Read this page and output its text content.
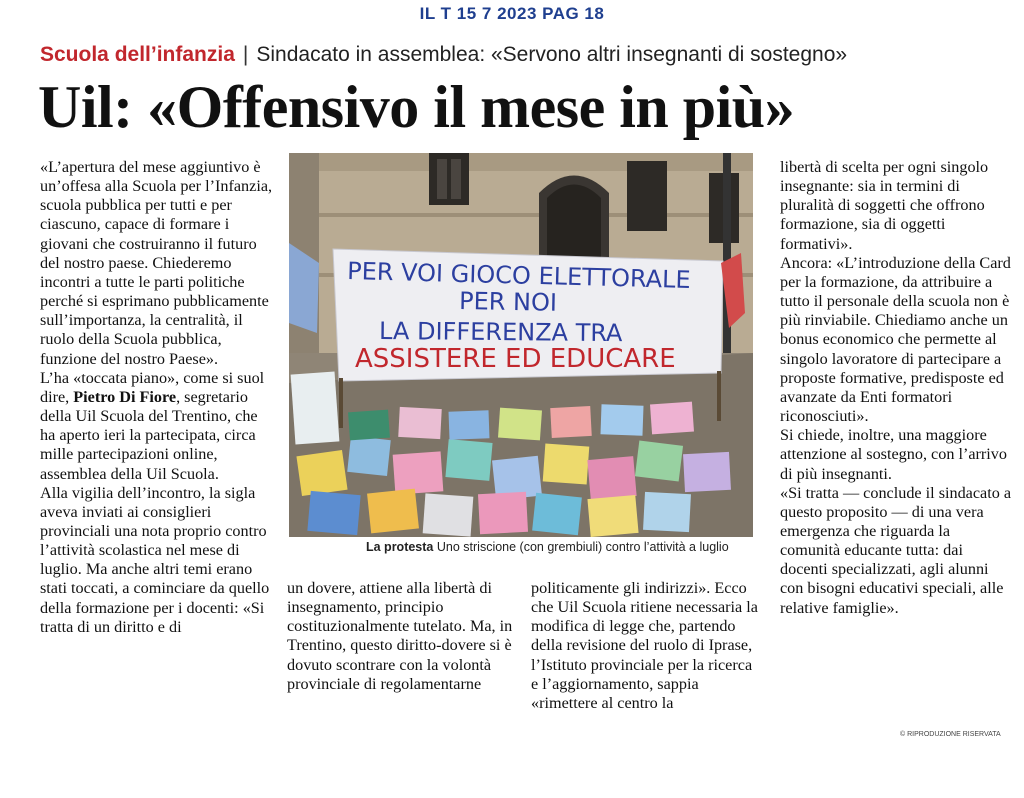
IL T 15 7 2023 PAG 18
Scuola dell’infanzia | Sindacato in assemblea: «Servono altri insegnanti di sostegno»
Uil: «Offensivo il mese in più»

«L’apertura del mese aggiuntivo è un’offesa alla Scuola per l’Infanzia, scuola pubblica per tutti e per ciascuno, capace di formare i giovani che costruiranno il futuro del nostro paese. Chiederemo incontri a tutte le parti politiche perché si esprimano pubblicamente sull’importanza, la centralità, il ruolo della Scuola pubblica, funzione del nostro Paese».

L’ha «toccata piano», come si suol dire, Pietro Di Fiore, segretario della Uil Scuola del Trentino, che ha aperto ieri la partecipata, circa mille partecipazioni online, assemblea della Uil Scuola.

Alla vigilia dell’incontro, la sigla aveva inviati ai consiglieri provinciali una nota proprio contro l’attività scolastica nel mese di luglio. Ma anche altri temi erano stati toccati, a cominciare da quello della formazione per i docenti: «Si tratta di un diritto e di

PER VOI GIOCO ELETTORALE
PER NOI
LA DIFFERENZA TRA
ASSISTERE ED EDUCARE
La protesta Uno striscione (con grembiuli) contro l’attività a luglio

un dovere, attiene alla libertà di insegnamento, principio costituzionalmente tutelato. Ma, in Trentino, questo diritto-dovere si è dovuto scontrare con la volontà provinciale di regolamentarne

politicamente gli indirizzi». Ecco che Uil Scuola ritiene necessaria la modifica di legge che, partendo della revisione del ruolo di Iprase, l’Istituto provinciale per la ricerca e l’aggiornamento, sappia «rimettere al centro la

libertà di scelta per ogni singolo insegnante: sia in termini di pluralità di soggetti che offrono formazione, sia di oggetti formativi».

Ancora: «L’introduzione della Card per la formazione, da attribuire a tutto il personale della scuola non è più rinviabile. Chiediamo anche un bonus economico che permette al singolo lavoratore di partecipare a proposte formative, predisposte ed avanzate da Enti formatori riconosciuti».

Si chiede, inoltre, una maggiore attenzione al sostegno, con l’arrivo di più insegnanti.

«Si tratta — conclude il sindacato a questo proposito — di una vera emergenza che riguarda la comunità educante tutta: dai docenti specializzati, agli alunni con bisogni educativi speciali, alle relative famiglie».

© RIPRODUZIONE RISERVATA
